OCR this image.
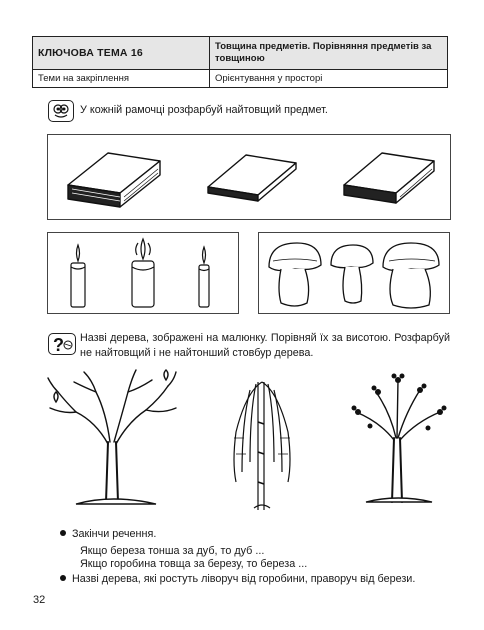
КЛЮЧОВА ТЕМА 16	Товщина предметів. Порівняння предметів за товщиною
Теми на закріплення	Орієнтування у просторі
У кожній рамочці розфарбуй найтовщий предмет.
? Назві дерева, зображені на малюнку. Порівняй їх за висотою. Розфарбуй не найтовщий і не найтонший стовбур дерева.
Закінчи речення.
Якщо береза тонша за дуб, то дуб ...
Якщо горобина товща за березу, то береза ...
Назві дерева, які ростуть ліворуч від горобини, праворуч від берези.
32
